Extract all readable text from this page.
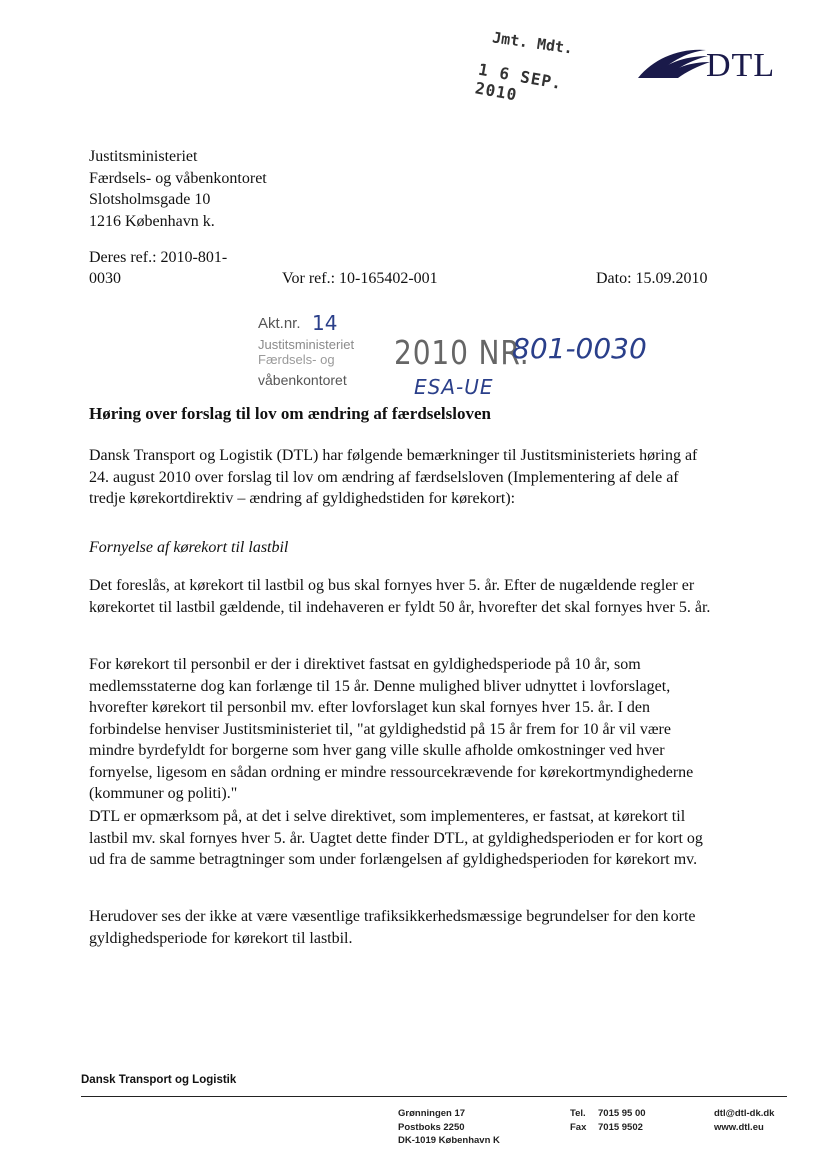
Jmt. Mdt.
1 6 SEP. 2010
DTL
Justitsministeriet
Færdsels- og våbenkontoret
Slotsholmsgade 10
1216 København k.
Deres ref.: 2010-801-0030	Vor ref.: 10-165402-001	Dato: 15.09.2010
Akt.nr. 14
Justitsministeriet
Færdsels- og
våbenkontoret
2010 NR.
801-0030
ESA-UE
Høring over forslag til lov om ændring af færdselsloven
Dansk Transport og Logistik (DTL) har følgende bemærkninger til Justitsministeriets høring af 24. august 2010 over forslag til lov om ændring af færdselsloven (Implementering af dele af tredje kørekortdirektiv – ændring af gyldighedstiden for kørekort):
Fornyelse af kørekort til lastbil
Det foreslås, at kørekort til lastbil og bus skal fornyes hver 5. år. Efter de nugældende regler er kørekortet til lastbil gældende, til indehaveren er fyldt 50 år, hvorefter det skal fornyes hver 5. år.
For kørekort til personbil er der i direktivet fastsat en gyldighedsperiode på 10 år, som medlemsstaterne dog kan forlænge til 15 år. Denne mulighed bliver udnyttet i lovforslaget, hvorefter kørekort til personbil mv. efter lovforslaget kun skal fornyes hver 15. år. I den forbindelse henviser Justitsministeriet til, "at gyldighedstid på 15 år frem for 10 år vil være mindre byrdefyldt for borgerne som hver gang ville skulle afholde omkostninger ved hver fornyelse, ligesom en sådan ordning er mindre ressourcekrævende for kørekortmyndighederne (kommuner og politi)."
DTL er opmærksom på, at det i selve direktivet, som implementeres, er fastsat, at kørekort til lastbil mv. skal fornyes hver 5. år. Uagtet dette finder DTL, at gyldighedsperioden er for kort og ud fra de samme betragtninger som under forlængelsen af gyldighedsperioden for kørekort mv.
Herudover ses der ikke at være væsentlige trafiksikkerhedsmæssige begrundelser for den korte gyldighedsperiode for kørekort til lastbil.
Dansk Transport og Logistik
Grønningen 17
Postboks 2250
DK-1019 København K
Tel. 7015 95 00
Fax 7015 9502
dtl@dtl-dk.dk
www.dtl.eu
